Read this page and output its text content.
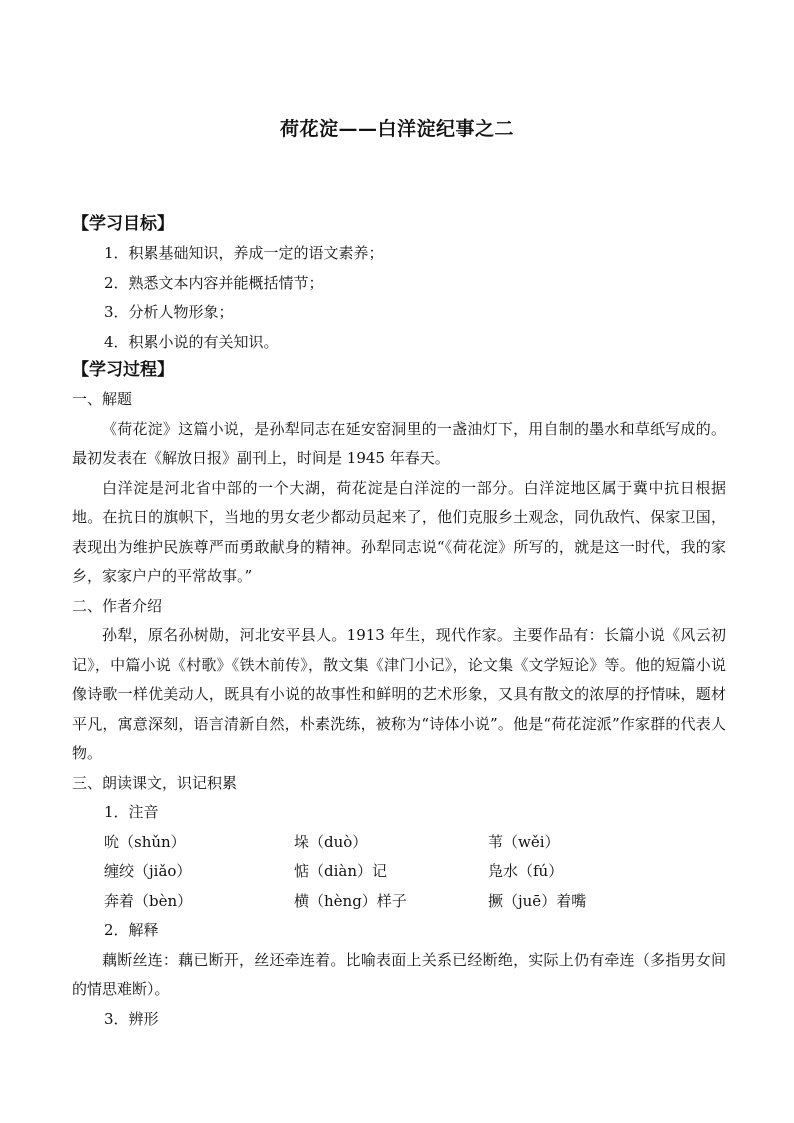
荷花淀——白洋淀纪事之二
【学习目标】
1．积累基础知识，养成一定的语文素养；
2．熟悉文本内容并能概括情节；
3．分析人物形象；
4．积累小说的有关知识。
【学习过程】
一、解题
《荷花淀》这篇小说，是孙犁同志在延安窑洞里的一盏油灯下，用自制的墨水和草纸写成的。最初发表在《解放日报》副刊上，时间是 1945 年春天。
白洋淀是河北省中部的一个大湖，荷花淀是白洋淀的一部分。白洋淀地区属于冀中抗日根据地。在抗日的旗帜下，当地的男女老少都动员起来了，他们克服乡土观念，同仇敌忾、保家卫国，表现出为维护民族尊严而勇敢献身的精神。孙犁同志说“《荷花淀》所写的，就是这一时代，我的家乡，家家户户的平常故事。”
二、作者介绍
孙犁，原名孙树勋，河北安平县人。1913 年生，现代作家。主要作品有：长篇小说《风云初记》，中篇小说《村歌》《铁木前传》，散文集《津门小记》，论文集《文学短论》等。他的短篇小说像诗歌一样优美动人，既具有小说的故事性和鲜明的艺术形象，又具有散文的浓厚的抒情味，题材平凡，寓意深刻，语言清新自然，朴素洗练，被称为“诗体小说”。他是“荷花淀派”作家群的代表人物。
三、朗读课文，识记积累
1．注音
吮（shǔn）	垛（duò）	苇（wěi）
缠绞（jiǎo）	惦（diàn）记	凫水（fú）
奔着（bèn）	横（hèng）样子	撅（juē）着嘴
2．解释
藕断丝连：藕已断开，丝还牵连着。比喻表面上关系已经断绝，实际上仍有牵连（多指男女间的情思难断）。
3．辨形
